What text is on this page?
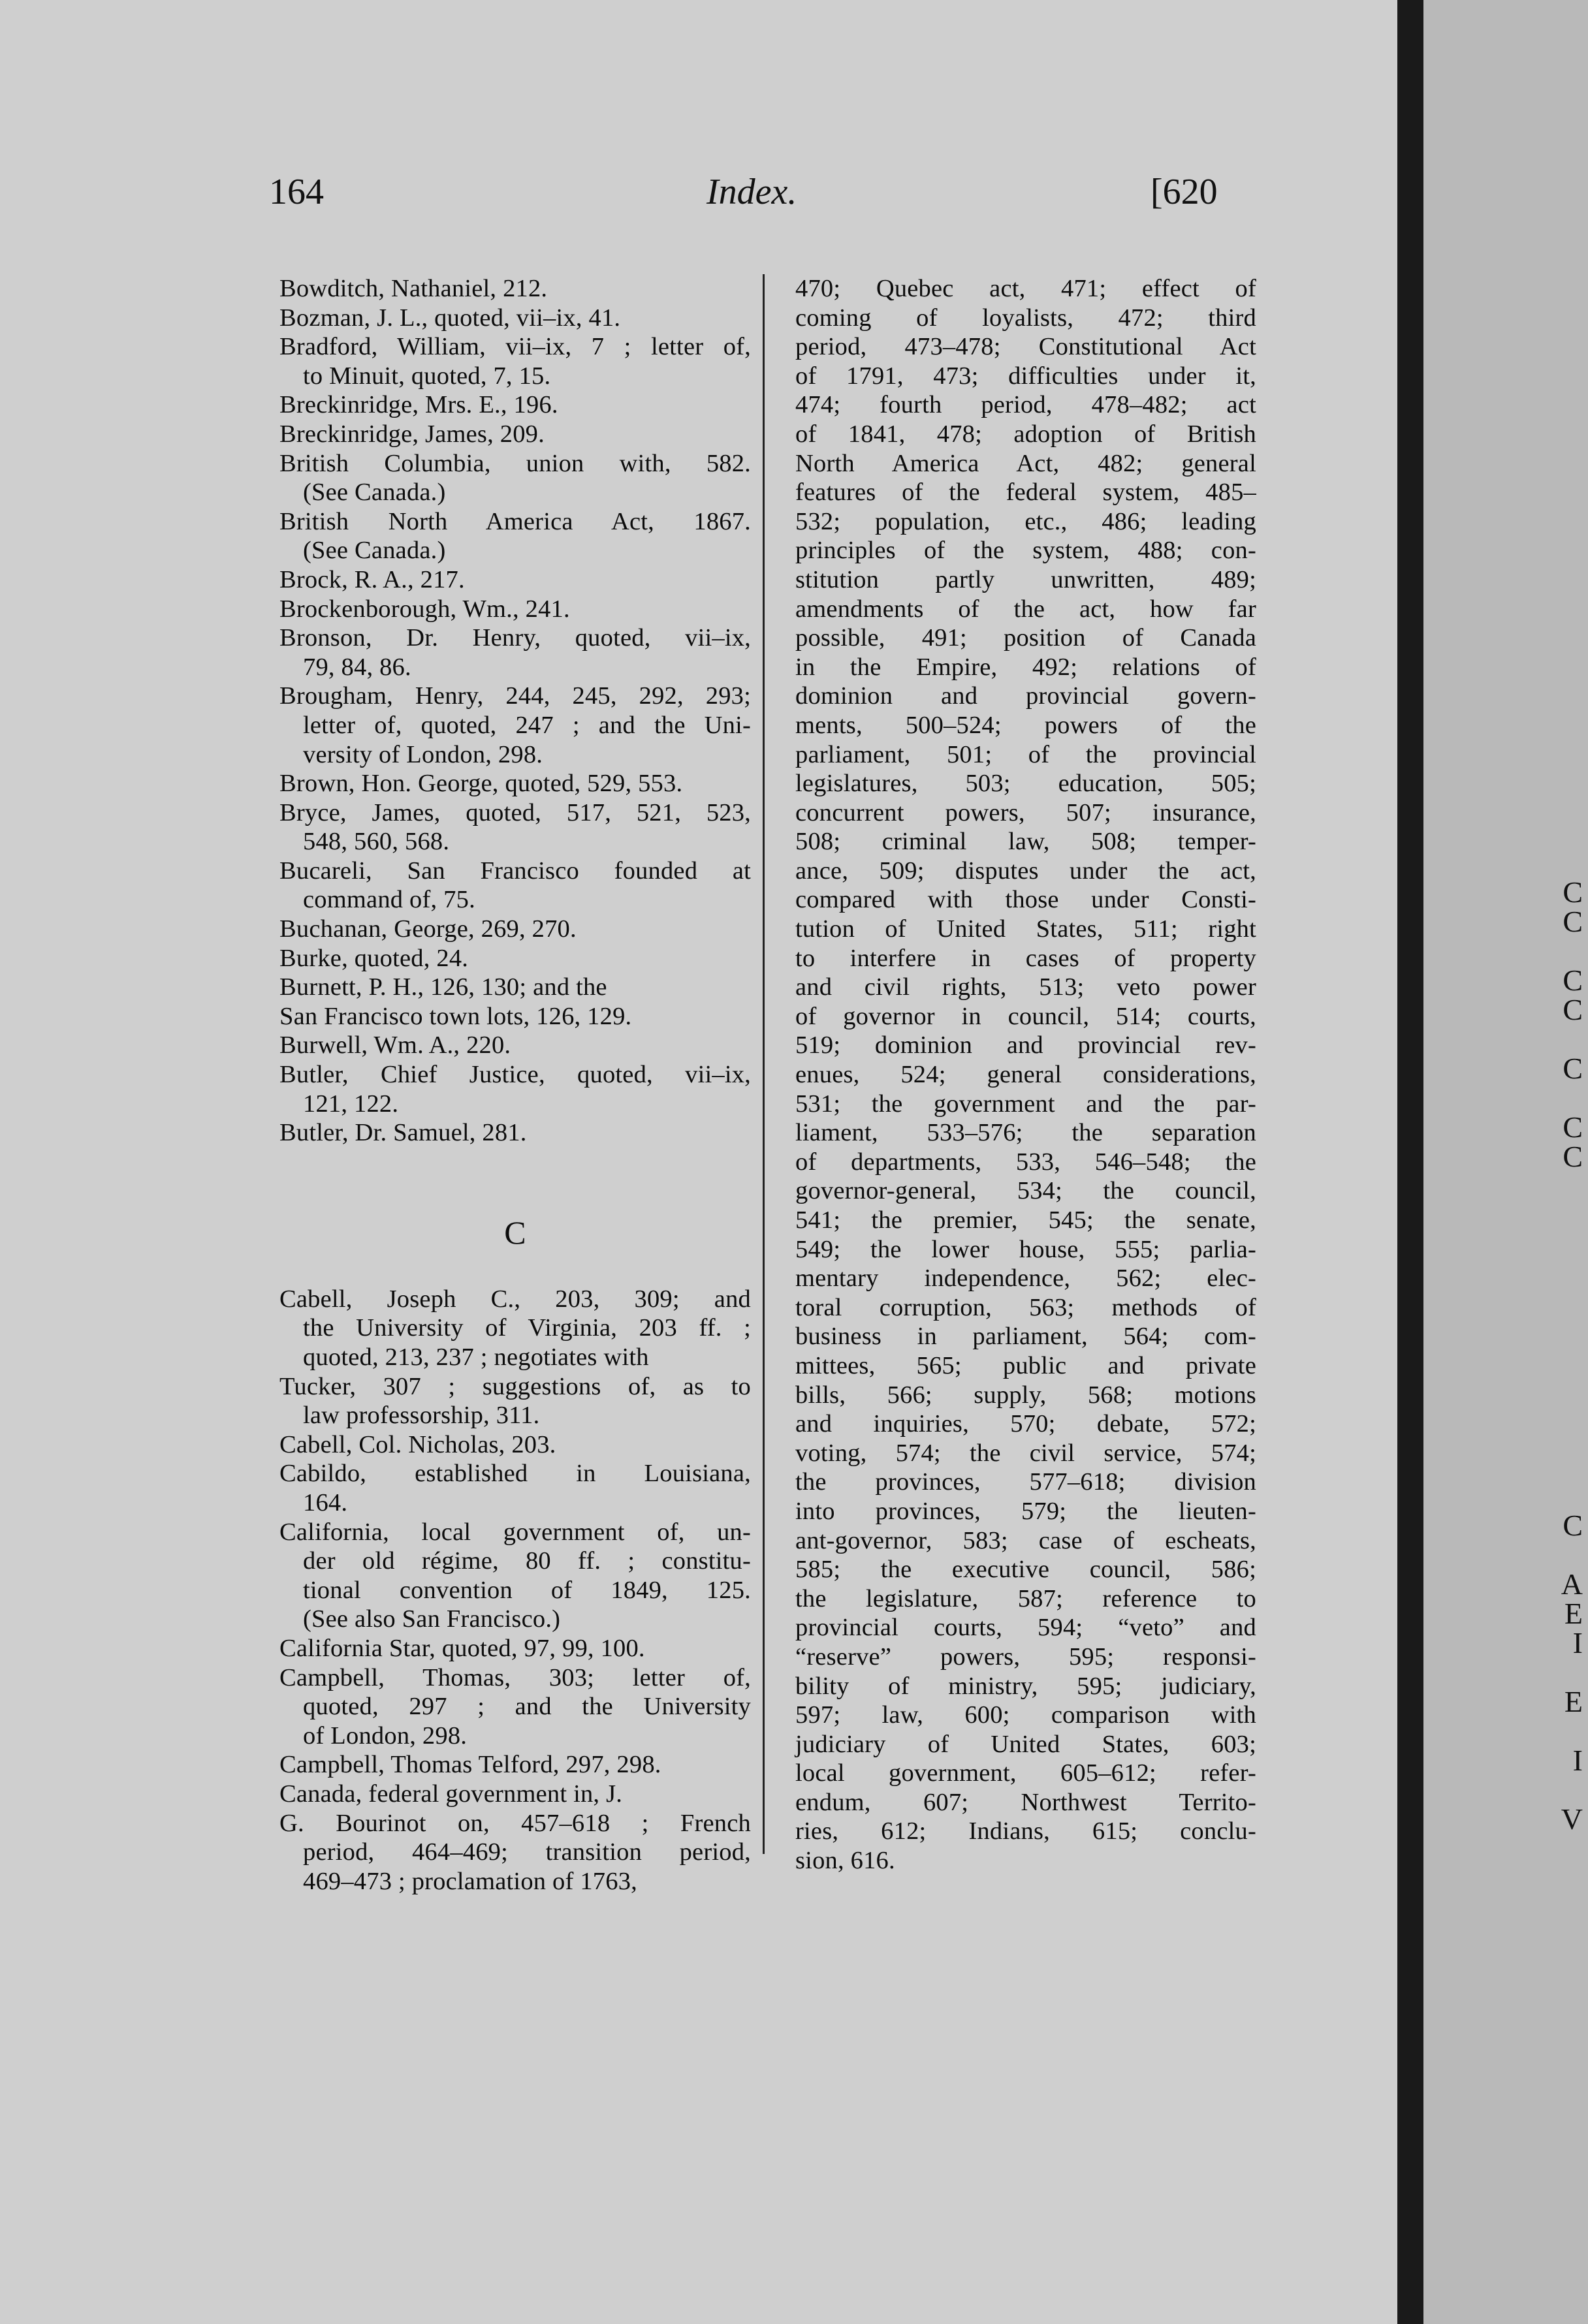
164	Index.	[620
Bowditch, Nathaniel, 212.
Bozman, J. L., quoted, vii–ix, 41.
Bradford, William, vii–ix, 7 ; letter of,
to Minuit, quoted, 7, 15.
Breckinridge, Mrs. E., 196.
Breckinridge, James, 209.
British Columbia, union with, 582.
(See Canada.)
British North America Act, 1867.
(See Canada.)
Brock, R. A., 217.
Brockenborough, Wm., 241.
Bronson, Dr. Henry, quoted, vii–ix,
79, 84, 86.
Brougham, Henry, 244, 245, 292, 293;
letter of, quoted, 247 ; and the Uni-
versity of London, 298.
Brown, Hon. George, quoted, 529, 553.
Bryce, James, quoted, 517, 521, 523,
548, 560, 568.
Bucareli, San Francisco founded at
command of, 75.
Buchanan, George, 269, 270.
Burke, quoted, 24.
Burnett, P. H., 126, 130; and the
San Francisco town lots, 126, 129.
Burwell, Wm. A., 220.
Butler, Chief Justice, quoted, vii–ix,
121, 122.
Butler, Dr. Samuel, 281.
C
Cabell, Joseph C., 203, 309; and
the University of Virginia, 203 ff. ;
quoted, 213, 237 ; negotiates with
Tucker, 307 ; suggestions of, as to
law professorship, 311.
Cabell, Col. Nicholas, 203.
Cabildo, established in Louisiana,
164.
California, local government of, un-
der old régime, 80 ff. ; constitu-
tional convention of 1849, 125.
(See also San Francisco.)
California Star, quoted, 97, 99, 100.
Campbell, Thomas, 303; letter of,
quoted, 297 ; and the University
of London, 298.
Campbell, Thomas Telford, 297, 298.
Canada, federal government in, J.
G. Bourinot on, 457–618 ; French
period, 464–469; transition period,
469–473 ; proclamation of 1763,
470; Quebec act, 471; effect of
coming of loyalists, 472; third
period, 473–478; Constitutional Act
of 1791, 473; difficulties under it,
474; fourth period, 478–482; act
of 1841, 478; adoption of British
North America Act, 482; general
features of the federal system, 485–
532; population, etc., 486; leading
principles of the system, 488; con-
stitution partly unwritten, 489;
amendments of the act, how far
possible, 491; position of Canada
in the Empire, 492; relations of
dominion and provincial govern-
ments, 500–524; powers of the
parliament, 501; of the provincial
legislatures, 503; education, 505;
concurrent powers, 507; insurance,
508; criminal law, 508; temper-
ance, 509; disputes under the act,
compared with those under Consti-
tution of United States, 511; right
to interfere in cases of property
and civil rights, 513; veto power
of governor in council, 514; courts,
519; dominion and provincial rev-
enues, 524; general considerations,
531; the government and the par-
liament, 533–576; the separation
of departments, 533, 546–548; the
governor-general, 534; the council,
541; the premier, 545; the senate,
549; the lower house, 555; parlia-
mentary independence, 562; elec-
toral corruption, 563; methods of
business in parliament, 564; com-
mittees, 565; public and private
bills, 566; supply, 568; motions
and inquiries, 570; debate, 572;
voting, 574; the civil service, 574;
the provinces, 577–618; division
into provinces, 579; the lieuten-
ant-governor, 583; case of escheats,
585; the executive council, 586;
the legislature, 587; reference to
provincial courts, 594; “veto” and
“reserve” powers, 595; responsi-
bility of ministry, 595; judiciary,
597; law, 600; comparison with
judiciary of United States, 603;
local government, 605–612; refer-
endum, 607; Northwest Territo-
ries, 612; Indians, 615; conclu-
sion, 616.
C
C
C
C
C
C
C
C
A
E
I
E
I
V
